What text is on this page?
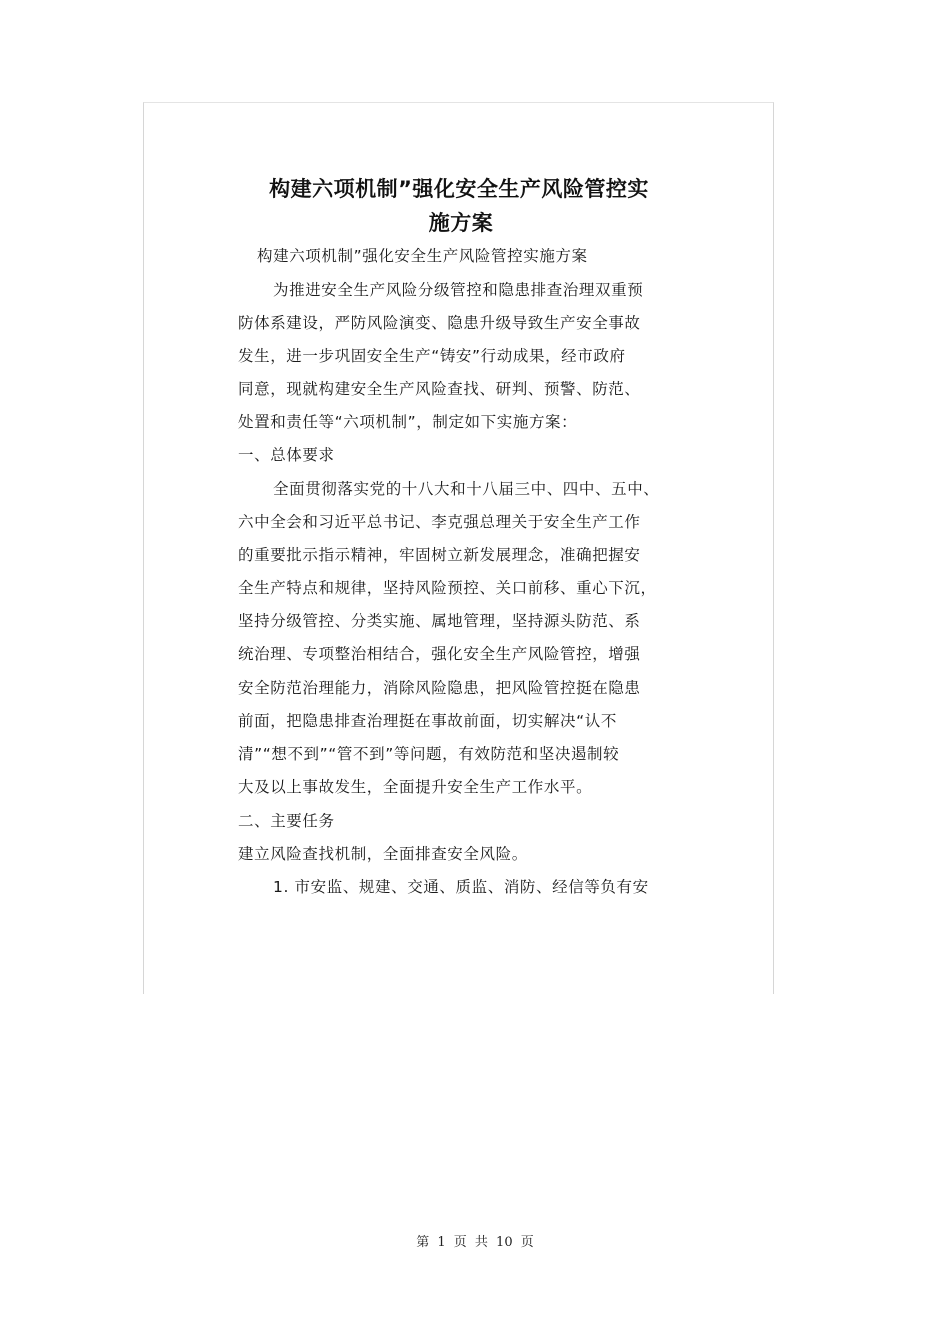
构建六项机制”强化安全生产风险管控实
施方案
构建六项机制”强化安全生产风险管控实施方案
为推进安全生产风险分级管控和隐患排查治理双重预
防体系建设，严防风险演变、隐患升级导致生产安全事故
发生，进一步巩固安全生产“铸安”行动成果，经市政府
同意，现就构建安全生产风险查找、研判、预警、防范、
处置和责任等“六项机制”，制定如下实施方案：
一、总体要求
全面贯彻落实党的十八大和十八届三中、四中、五中、
六中全会和习近平总书记、李克强总理关于安全生产工作
的重要批示指示精神，牢固树立新发展理念，准确把握安
全生产特点和规律，坚持风险预控、关口前移、重心下沉，
坚持分级管控、分类实施、属地管理，坚持源头防范、系
统治理、专项整治相结合，强化安全生产风险管控，增强
安全防范治理能力，消除风险隐患，把风险管控挺在隐患
前面，把隐患排查治理挺在事故前面，切实解决“认不
清”“想不到”“管不到”等问题，有效防范和坚决遏制较
大及以上事故发生，全面提升安全生产工作水平。
二、主要任务
建立风险查找机制，全面排查安全风险。
1. 市安监、规建、交通、质监、消防、经信等负有安
第 1 页 共 10 页
